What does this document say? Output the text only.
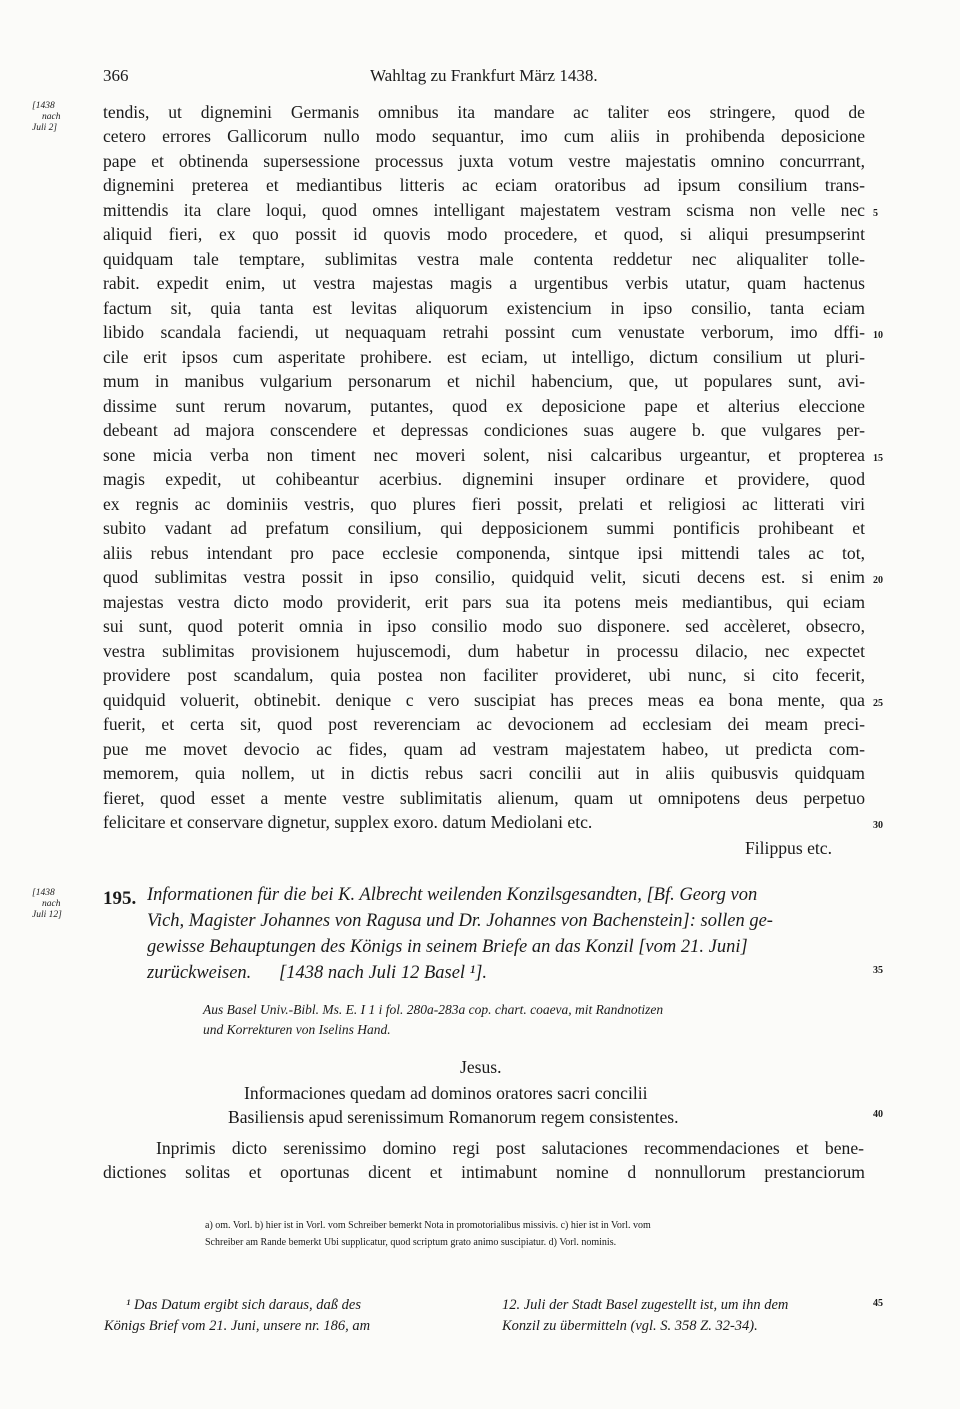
366	Wahltag zu Frankfurt März 1438.
[1438
nach
Juli 2]
[1438
nach
Juli 12]
tendis, ut dignemini Germanis omnibus ita mandare ac taliter eos stringere, quod de
cetero errores Gallicorum nullo modo sequantur, imo cum aliis in prohibenda deposicione
pape et obtinenda supersessione processus juxta votum vestre majestatis omnino concurrrant,
dignemini preterea et mediantibus litteris ac eciam oratoribus ad ipsum consilium trans-
mittendis ita clare loqui, quod omnes intelligant majestatem vestram scisma non velle nec
aliquid fieri, ex quo possit id quovis modo procedere, et quod, si aliqui presumpserint
quidquam tale temptare, sublimitas vestra male contenta reddetur nec aliqualiter tolle-
rabit. expedit enim, ut vestra majestas magis a urgentibus verbis utatur, quam hactenus
factum sit, quia tanta est levitas aliquorum existencium in ipso consilio, tanta eciam
libido scandala faciendi, ut nequaquam retrahi possint cum venustate verborum, imo dffi-
cile erit ipsos cum asperitate prohibere. est eciam, ut intelligo, dictum consilium ut pluri-
mum in manibus vulgarium personarum et nichil habencium, que, ut populares sunt, avi-
dissime sunt rerum novarum, putantes, quod ex deposicione pape et alterius eleccione
debeant ad majora conscendere et depressas condiciones suas augere b. que vulgares per-
sone micia verba non timent nec moveri solent, nisi calcaribus urgeantur, et propterea
magis expedit, ut cohibeantur acerbius. dignemini insuper ordinare et providere, quod
ex regnis ac dominiis vestris, quo plures fieri possit, prelati et religiosi ac litterati viri
subito vadant ad prefatum consilium, qui depposicionem summi pontificis prohibeant et
aliis rebus intendant pro pace ecclesie componenda, sintque ipsi mittendi tales ac tot,
quod sublimitas vestra possit in ipso consilio, quidquid velit, sicuti decens est. si enim
majestas vestra dicto modo providerit, erit pars sua ita potens meis mediantibus, qui eciam
sui sunt, quod poterit omnia in ipso consilio modo suo disponere. sed accèleret, obsecro,
vestra sublimitas provisionem hujuscemodi, dum habetur in processu dilacio, nec expectet
providere post scandalum, quia postea non faciliter provideret, ubi nunc, si cito fecerit,
quidquid voluerit, obtinebit. denique c vero suscipiat has preces meas ea bona mente, qua
fuerit, et certa sit, quod post reverenciam ac devocionem ad ecclesiam dei meam preci-
pue me movet devocio ac fides, quam ad vestram majestatem habeo, ut predicta com-
memorem, quia nollem, ut in dictis rebus sacri concilii aut in aliis quibusvis quidquam
fieret, quod esset a mente vestre sublimitatis alienum, quam ut omnipotens deus perpetuo
felicitare et conservare dignetur, supplex exoro. datum Mediolani etc.
Filippus etc.
5
10
15
20
25
30
35
40
45
195. Informationen für die bei K. Albrecht weilenden Konzilsgesandten, [Bf. Georg von
Vich, Magister Johannes von Ragusa und Dr. Johannes von Bachenstein]: sollen ge-
gewisse Behauptungen des Königs in seinem Briefe an das Konzil [vom 21. Juni]
zurückweisen.      [1438 nach Juli 12 Basel ¹].
Aus Basel Univ.-Bibl. Ms. E. I 1 i fol. 280a-283a cop. chart. coaeva, mit Randnotizen
und Korrekturen von Iselins Hand.
Jesus.
Informaciones quedam ad dominos oratores sacri concilii
Basiliensis apud serenissimum Romanorum regem consistentes.
Inprimis dicto serenissimo domino regi post salutaciones recommendaciones et bene-
dictiones solitas et oportunas dicent et intimabunt nomine d nonnullorum prestanciorum
a) om. Vorl. b) hier ist in Vorl. vom Schreiber bemerkt Nota in promotorialibus missivis. c) hier ist in Vorl. vom
Schreiber am Rande bemerkt Ubi supplicatur, quod scriptum grato animo suscipiatur. d) Vorl. nominis.
¹ Das Datum ergibt sich daraus, daß des
Königs Brief vom 21. Juni, unsere nr. 186, am
12. Juli der Stadt Basel zugestellt ist, um ihn dem
Konzil zu übermitteln (vgl. S. 358 Z. 32-34).
